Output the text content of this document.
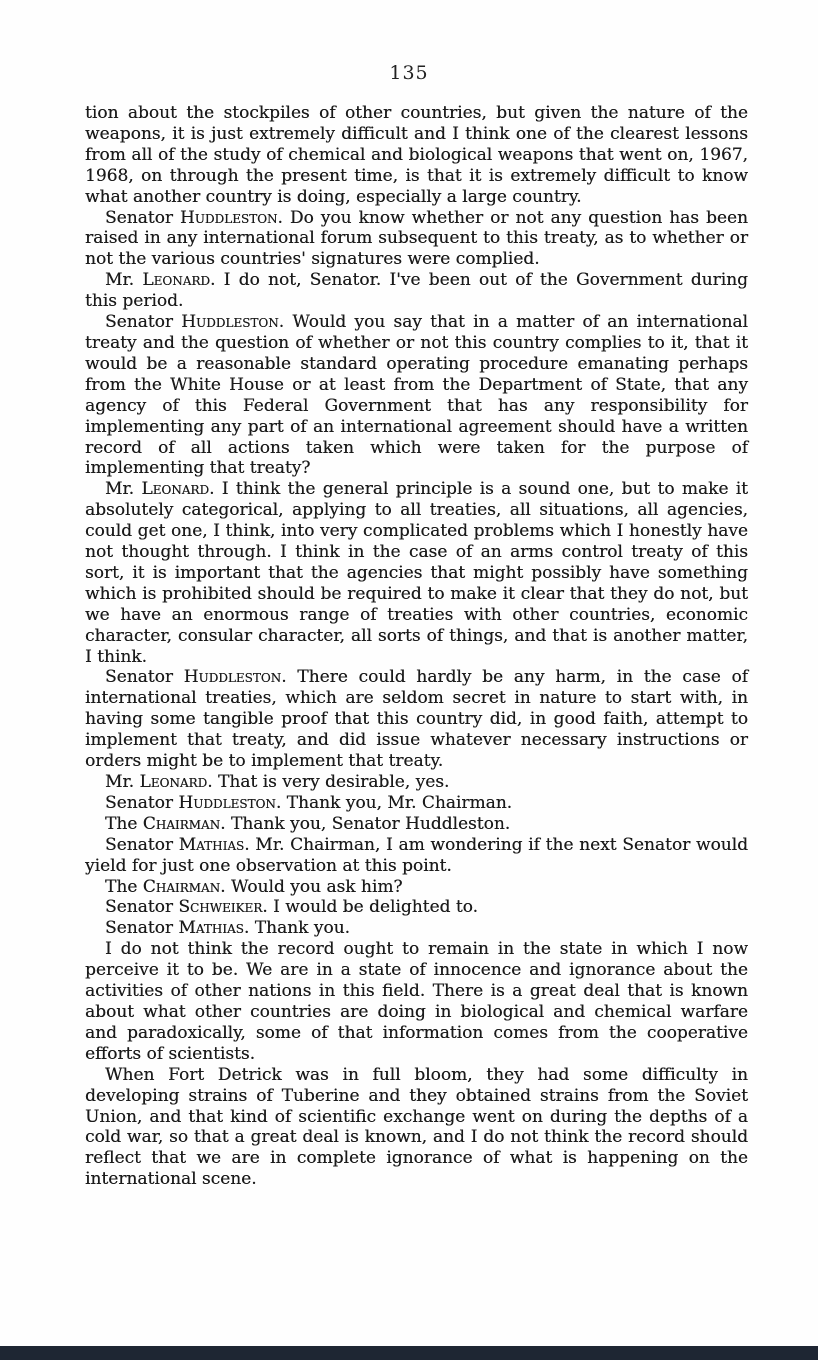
135

tion about the stockpiles of other countries, but given the nature of the weapons, it is just extremely difficult and I think one of the clearest lessons from all of the study of chemical and biological weapons that went on, 1967, 1968, on through the present time, is that it is extremely difficult to know what another country is doing, especially a large country.

Senator Huddleston. Do you know whether or not any question has been raised in any international forum subsequent to this treaty, as to whether or not the various countries' signatures were complied.

Mr. Leonard. I do not, Senator. I've been out of the Government during this period.

Senator Huddleston. Would you say that in a matter of an international treaty and the question of whether or not this country complies to it, that it would be a reasonable standard operating procedure emanating perhaps from the White House or at least from the Department of State, that any agency of this Federal Government that has any responsibility for implementing any part of an international agreement should have a written record of all actions taken which were taken for the purpose of implementing that treaty?

Mr. Leonard. I think the general principle is a sound one, but to make it absolutely categorical, applying to all treaties, all situations, all agencies, could get one, I think, into very complicated problems which I honestly have not thought through. I think in the case of an arms control treaty of this sort, it is important that the agencies that might possibly have something which is prohibited should be required to make it clear that they do not, but we have an enormous range of treaties with other countries, economic character, consular character, all sorts of things, and that is another matter, I think.

Senator Huddleston. There could hardly be any harm, in the case of international treaties, which are seldom secret in nature to start with, in having some tangible proof that this country did, in good faith, attempt to implement that treaty, and did issue whatever necessary instructions or orders might be to implement that treaty.

Mr. Leonard. That is very desirable, yes.

Senator Huddleston. Thank you, Mr. Chairman.

The Chairman. Thank you, Senator Huddleston.

Senator Mathias. Mr. Chairman, I am wondering if the next Senator would yield for just one observation at this point.

The Chairman. Would you ask him?

Senator Schweiker. I would be delighted to.

Senator Mathias. Thank you.

I do not think the record ought to remain in the state in which I now perceive it to be. We are in a state of innocence and ignorance about the activities of other nations in this field. There is a great deal that is known about what other countries are doing in biological and chemical warfare and paradoxically, some of that information comes from the cooperative efforts of scientists.

When Fort Detrick was in full bloom, they had some difficulty in developing strains of Tuberine and they obtained strains from the Soviet Union, and that kind of scientific exchange went on during the depths of a cold war, so that a great deal is known, and I do not think the record should reflect that we are in complete ignorance of what is happening on the international scene.
